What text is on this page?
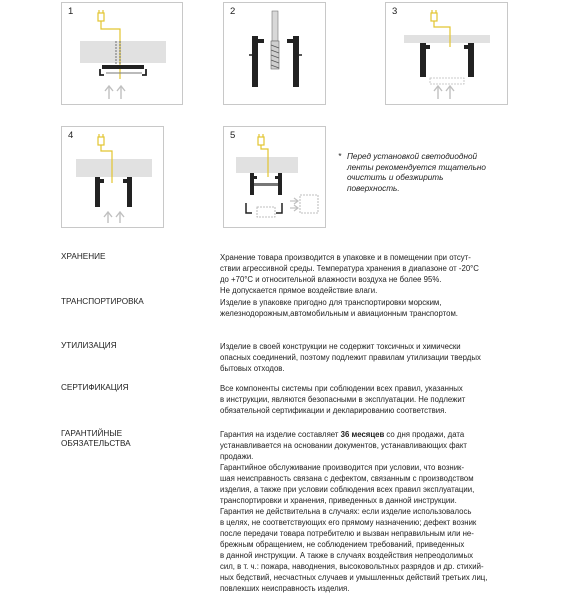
1	2	3
4	5
* Перед установкой светодиодной
ленты рекомендуется тщательно
очистить и обезжирить
поверхность.
ХРАНЕНИЕ	Хранение товара производится в упаковке и в помещении при отсут-
ствии агрессивной среды. Температура хранения в диапазоне от -20°С
до +70°С и относительной влажности воздуха не более 95%.
Не допускается прямое воздействие влаги.
ТРАНСПОРТИРОВКА	Изделие в упаковке пригодно для транспортировки морским,
железнодорожным,автомобильным и авиационным транспортом.
УТИЛИЗАЦИЯ	Изделие в своей конструкции не содержит токсичных и химически
опасных соединений, поэтому подлежит правилам утилизации твердых
бытовых отходов.
СЕРТИФИКАЦИЯ	Все компоненты системы при соблюдении всех правил, указанных
в инструкции, являются безопасными в эксплуатации. Не подлежит
обязательной сертификации и декларированию соответствия.
ГАРАНТИЙНЫЕ
ОБЯЗАТЕЛЬСТВА
Гарантия на изделие составляет 36 месяцев со дня продажи, дата
устанавливается на основании документов, устанавливающих факт
продажи.
Гарантийное обслуживание производится при условии, что возник-
шая неисправность связана с дефектом, связанным с производством
изделия, а также при условии соблюдения всех правил эксплуатации,
транспортировки и хранения, приведенных в данной инструкции.
Гарантия не действительна в случаях: если изделие использовалось
в целях, не соответствующих его прямому назначению; дефект возник
после передачи товара потребителю и вызван неправильным или не-
брежным обращением, не соблюдением требований, приведенных
в данной инструкции. А также в случаях воздействия непреодолимых
сил, в т. ч.: пожара, наводнения, высоковольтных разрядов и др. стихий-
ных бедствий, несчастных случаев и умышленных действий третьих лиц,
повлекших неисправность изделия.
